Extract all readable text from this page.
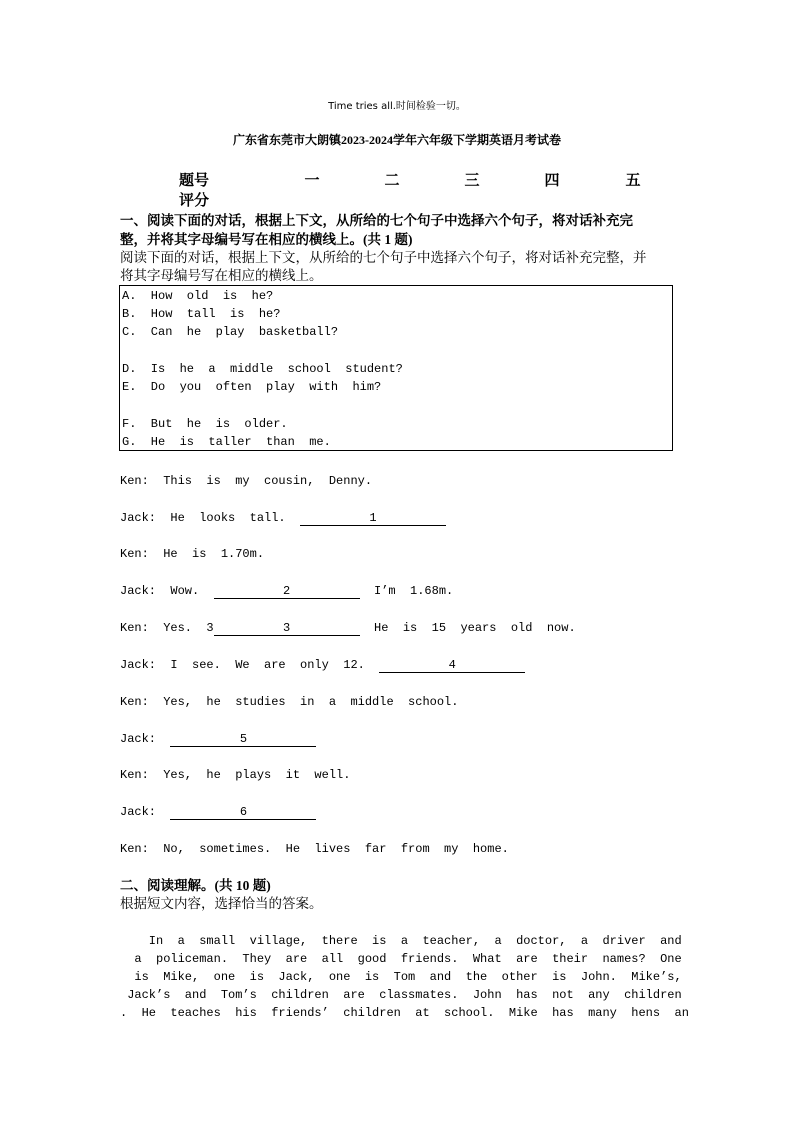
Time tries all.时间检验一切。
广东省东莞市大朗镇2023-2024学年六年级下学期英语月考试卷
题号	一	二	三	四	五
评分
一、阅读下面的对话，根据上下文，从所给的七个句子中选择六个句子，将对话补充完
整，并将其字母编号写在相应的横线上。(共 1 题)
阅读下面的对话，根据上下文，从所给的七个句子中选择六个句子，将对话补充完整，并
将其字母编号写在相应的横线上。
A.  How  old  is  he?
B.  How  tall  is  he?
C.  Can  he  play  basketball?
D.  Is  he  a  middle  school  student?
E.  Do  you  often  play  with  him?
F.  But  he  is  older.
G.  He  is  taller  than  me.
Ken:  This  is  my  cousin,  Denny.
Jack:  He  looks  tall.	1
Ken:  He  is  1.70m.
Jack:  Wow.	2	I’m  1.68m.
Ken:  Yes.  3	3	He  is  15  years  old  now.
Jack:  I  see.  We  are  only  12.	4
Ken:  Yes,  he  studies  in  a  middle  school.
Jack:	5
Ken:  Yes,  he  plays  it  well.
Jack:	6
Ken:  No,  sometimes.  He  lives  far  from  my  home.
二、阅读理解。(共 10 题)
根据短文内容，选择恰当的答案。
In  a  small  village,  there  is  a  teacher,  a  doctor,  a  driver  and
a  policeman.  They  are  all  good  friends.  What  are  their  names?  One
is  Mike,  one  is  Jack,  one  is  Tom  and  the  other  is  John.  Mike’s,
Jack’s  and  Tom’s  children  are  classmates.  John  has  not  any  children
.  He  teaches  his  friends’  children  at  school.  Mike  has  many  hens  an
